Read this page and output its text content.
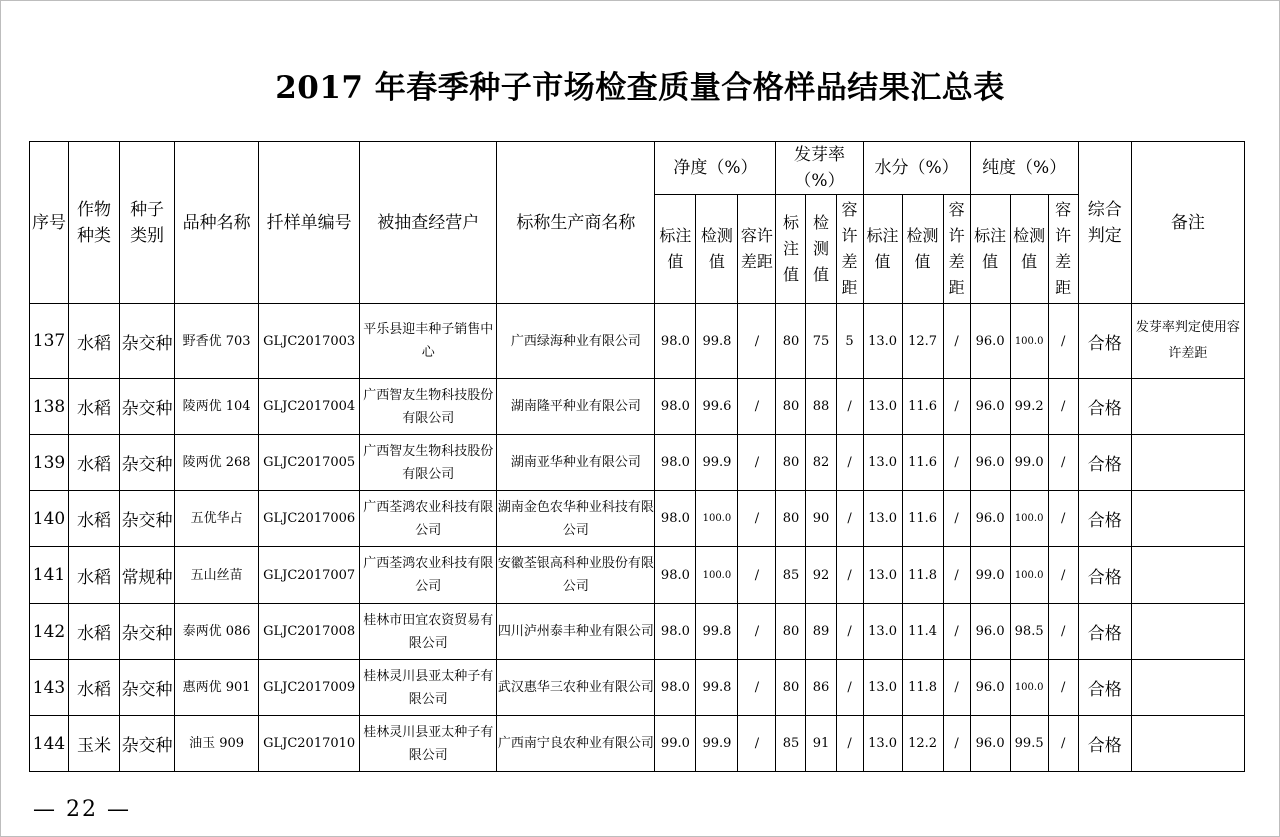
2017 年春季种子市场检查质量合格样品结果汇总表
序号	作物种类	种子类别	品种名称	扦样单编号	被抽查经营户	标称生产商名称	净度（%）			发芽率（%）			水分（%）			纯度（%）			综合判定	备注
							标注值	检测值	容许差距	标注值	检测值	容许差距	标注值	检测值	容许差距	标注值	检测值	容许差距		
137	水稻	杂交种	野香优 703	GLJC2017003	平乐县迎丰种子销售中心	广西绿海种业有限公司	98.0	99.8	/	80	75	5	13.0	12.7	/	96.0	100.0	/	合格	发芽率判定使用容许差距
138	水稻	杂交种	陵两优 104	GLJC2017004	广西智友生物科技股份有限公司	湖南隆平种业有限公司	98.0	99.6	/	80	88	/	13.0	11.6	/	96.0	99.2	/	合格	
139	水稻	杂交种	陵两优 268	GLJC2017005	广西智友生物科技股份有限公司	湖南亚华种业有限公司	98.0	99.9	/	80	82	/	13.0	11.6	/	96.0	99.0	/	合格	
140	水稻	杂交种	五优华占	GLJC2017006	广西荃鸿农业科技有限公司	湖南金色农华种业科技有限公司	98.0	100.0	/	80	90	/	13.0	11.6	/	96.0	100.0	/	合格	
141	水稻	常规种	五山丝苗	GLJC2017007	广西荃鸿农业科技有限公司	安徽荃银高科种业股份有限公司	98.0	100.0	/	85	92	/	13.0	11.8	/	99.0	100.0	/	合格	
142	水稻	杂交种	泰两优 086	GLJC2017008	桂林市田宜农资贸易有限公司	四川泸州泰丰种业有限公司	98.0	99.8	/	80	89	/	13.0	11.4	/	96.0	98.5	/	合格	
143	水稻	杂交种	惠两优 901	GLJC2017009	桂林灵川县亚太种子有限公司	武汉惠华三农种业有限公司	98.0	99.8	/	80	86	/	13.0	11.8	/	96.0	100.0	/	合格	
144	玉米	杂交种	油玉 909	GLJC2017010	桂林灵川县亚太种子有限公司	广西南宁良农种业有限公司	99.0	99.9	/	85	91	/	13.0	12.2	/	96.0	99.5	/	合格	
— 22 —
